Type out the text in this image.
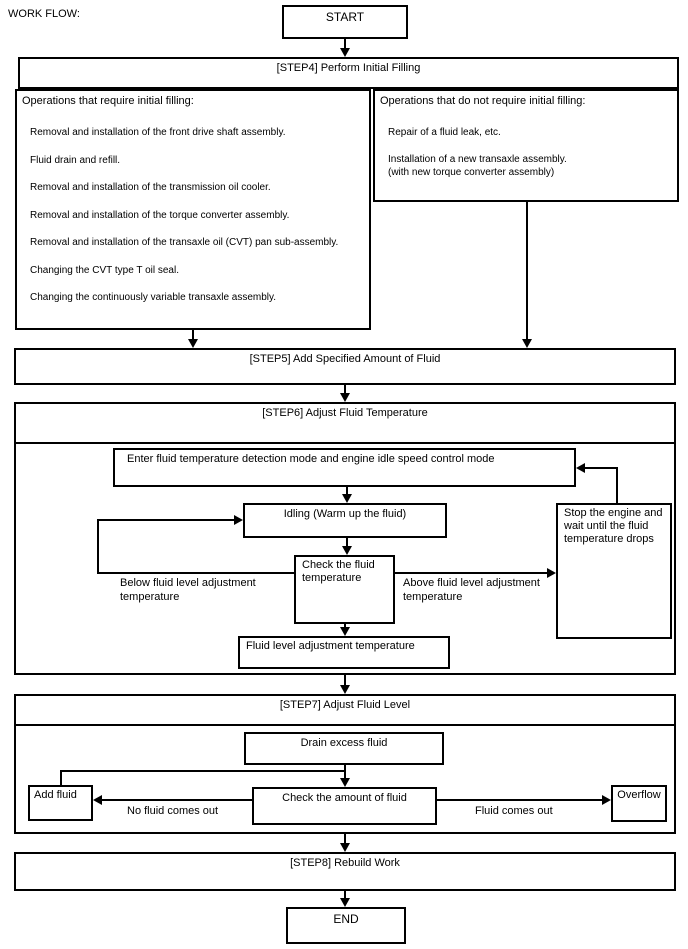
WORK FLOW:	START
[STEP4] Perform Initial Filling
Operations that require initial filling:
Removal and installation of the front drive shaft assembly.
Fluid drain and refill.
Removal and installation of the transmission oil cooler.
Removal and installation of the torque converter assembly.
Removal and installation of the transaxle oil (CVT) pan sub-assembly.
Changing the CVT type T oil seal.
Changing the continuously variable transaxle assembly.
Operations that do not require initial filling:
Repair of a fluid leak, etc.
Installation of a new transaxle assembly.
(with new torque converter assembly)
[STEP5] Add Specified Amount of Fluid
[STEP6] Adjust Fluid Temperature
Enter fluid temperature detection mode and engine idle speed control mode
Idling (Warm up the fluid)	Stop the engine and wait until the fluid temperature drops
Check the fluid temperature
Below fluid level adjustment temperature
Above fluid level adjustment temperature
Fluid level adjustment temperature
[STEP7] Adjust Fluid Level
Drain excess fluid
Add fluid	Check the amount of fluid	Overflow
No fluid comes out	Fluid comes out
[STEP8] Rebuild Work
END
